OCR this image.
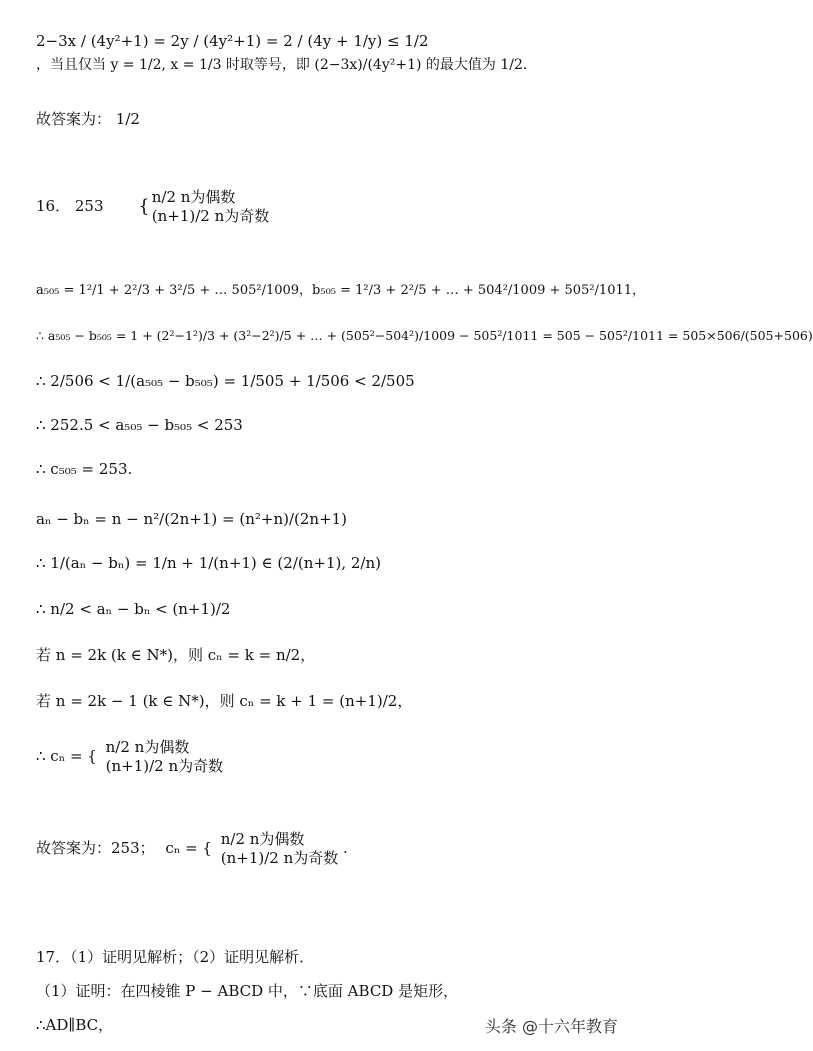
2−3x / (4y²+1) = 2y / (4y²+1) = 2 / (4y + 1/y) ≤ 1/2
，当且仅当 y = 1/2, x = 1/3 时取等号，即 (2−3x)/(4y²+1) 的最大值为 1/2.
故答案为： 1/2
16． 253 { n/2 n为偶数
(n+1)/2 n为奇数
a₅₀₅ = 1²/1 + 2²/3 + 3²/5 + … 505²/1009，b₅₀₅ = 1²/3 + 2²/5 + … + 504²/1009 + 505²/1011，
∴ a₅₀₅ − b₅₀₅ = 1 + (2²−1²)/3 + (3²−2²)/5 + … + (505²−504²)/1009 − 505²/1011 = 505 − 505²/1011 = 505×506/(505+506)
∴ 2/506 < 1/(a₅₀₅ − b₅₀₅) = 1/505 + 1/506 < 2/505
∴ 252.5 < a₅₀₅ − b₅₀₅ < 253
∴ c₅₀₅ = 253.
aₙ − bₙ = n − n²/(2n+1) = (n²+n)/(2n+1)
∴ 1/(aₙ − bₙ) = 1/n + 1/(n+1) ∈ (2/(n+1), 2/n)
∴ n/2 < aₙ − bₙ < (n+1)/2
若 n = 2k (k ∈ N*)，则 cₙ = k = n/2，
若 n = 2k − 1 (k ∈ N*)，则 cₙ = k + 1 = (n+1)/2，
∴ cₙ = { n/2 n为偶数
(n+1)/2 n为奇数
故答案为：253； cₙ = { n/2 n为偶数
(n+1)/2 n为奇数
.
17．（1）证明见解析；（2）证明见解析．
（1）证明：在四棱锥 P − ABCD 中，∵底面 ABCD 是矩形，
∴AD∥BC，	头条 @十六年教育
